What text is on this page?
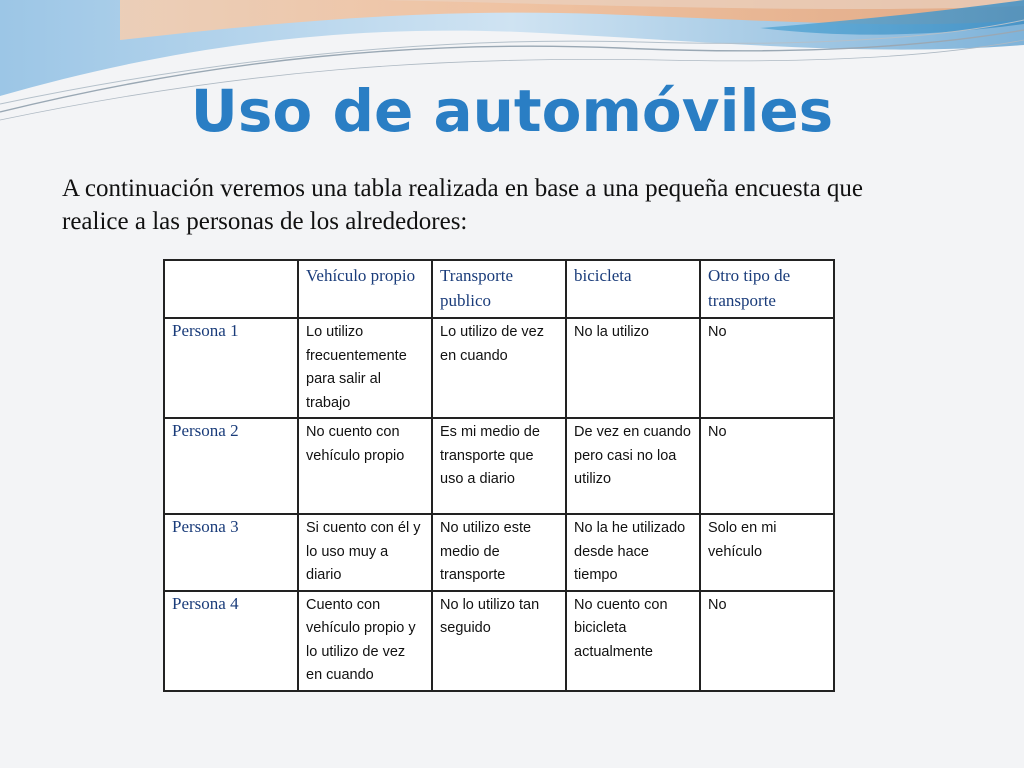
Uso de automóviles

A continuación veremos una tabla realizada en base a una pequeña encuesta que realice a las personas de los alrededores:

	Vehículo propio	Transporte publico	bicicleta	Otro tipo de transporte
Persona 1	Lo utilizo frecuentemente para salir al trabajo	Lo utilizo de vez en cuando	No la utilizo	No
Persona 2	No cuento con vehículo propio	Es mi medio de transporte que uso a diario	De vez en cuando pero casi no loa utilizo	No
Persona 3	Si cuento con él y lo uso muy a diario	No utilizo este medio de transporte	No la he utilizado desde hace tiempo	Solo en mi vehículo
Persona 4	Cuento con vehículo propio y lo utilizo de vez en cuando	No lo utilizo tan seguido	No cuento con bicicleta actualmente	No
